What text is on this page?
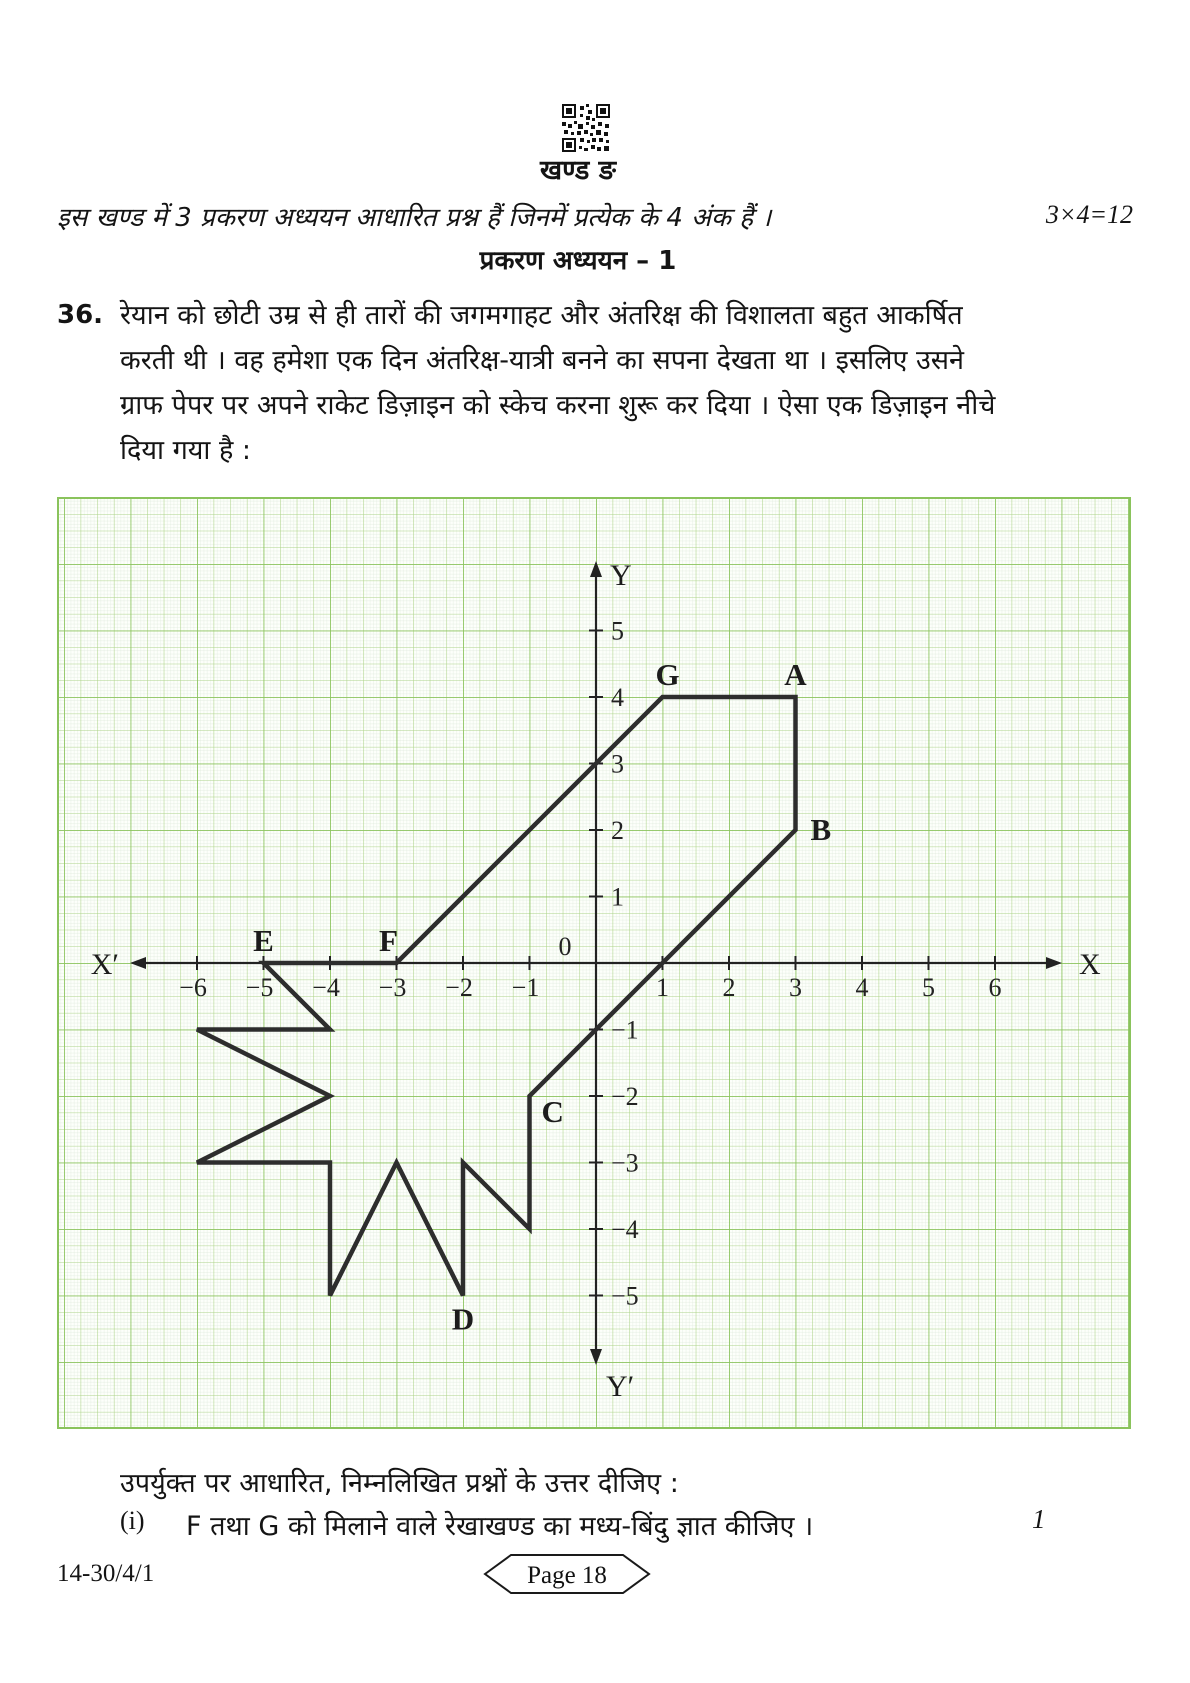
खण्ड ङ
इस खण्ड में 3 प्रकरण अध्ययन आधारित प्रश्न हैं जिनमें प्रत्येक के 4 अंक हैं ।	3×4=12
प्रकरण अध्ययन – 1
36. रेयान को छोटी उम्र से ही तारों की जगमगाहट और अंतरिक्ष की विशालता बहुत आकर्षित
करती थी । वह हमेशा एक दिन अंतरिक्ष-यात्री बनने का सपना देखता था । इसलिए उसने
ग्राफ पेपर पर अपने राकेट डिज़ाइन को स्केच करना शुरू कर दिया । ऐसा एक डिज़ाइन नीचे
दिया गया है :
−6 −5 −4 −3 −2 −1	1 2 3 4 5 6
−5
−4
−3
−2
−1
1
2
3
4
5
0
X
X′
Y
Y′
A
B
C
D
E	F
G
उपर्युक्त पर आधारित, निम्नलिखित प्रश्नों के उत्तर दीजिए :
(i) F तथा G को मिलाने वाले रेखाखण्ड का मध्य-बिंदु ज्ञात कीजिए ।	1
14-30/4/1	Page 18
